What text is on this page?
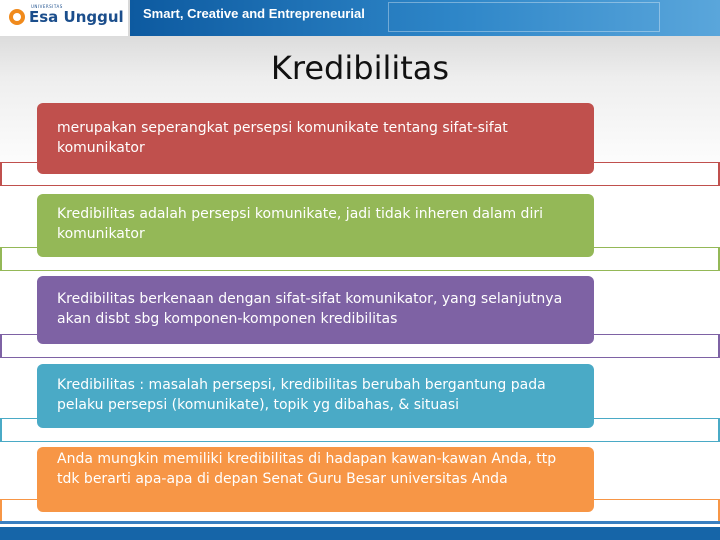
UNIVERSITAS
Esa Unggul Smart, Creative and Entrepreneurial
Kredibilitas
merupakan seperangkat persepsi komunikate tentang sifat-sifat komunikator
Kredibilitas adalah persepsi komunikate, jadi tidak inheren dalam diri komunikator
Kredibilitas berkenaan dengan sifat-sifat komunikator, yang selanjutnya akan disbt sbg komponen-komponen kredibilitas
Kredibilitas : masalah persepsi, kredibilitas berubah bergantung pada pelaku persepsi (komunikate), topik yg dibahas, & situasi
Anda mungkin memiliki kredibilitas di hadapan kawan-kawan Anda, ttp tdk berarti apa-apa di depan Senat Guru Besar universitas Anda
